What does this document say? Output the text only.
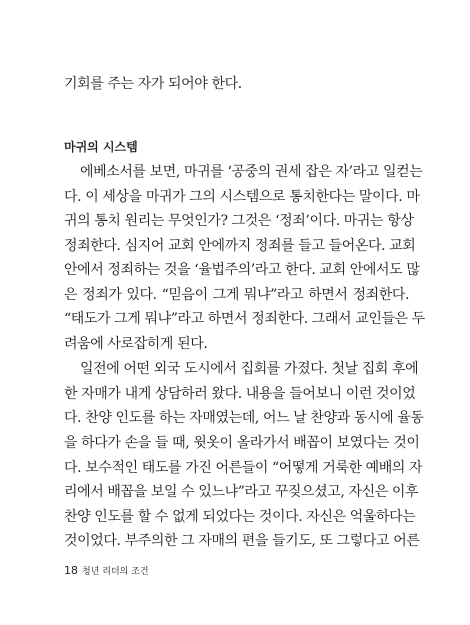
기회를 주는 자가 되어야 한다.
마귀의 시스템
에베소서를 보면, 마귀를 ‘공중의 권세 잡은 자’라고 일컫는
다. 이 세상을 마귀가 그의 시스템으로 통치한다는 말이다. 마
귀의 통치 원리는 무엇인가? 그것은 ‘정죄’이다. 마귀는 항상
정죄한다. 심지어 교회 안에까지 정죄를 들고 들어온다. 교회
안에서 정죄하는 것을 ‘율법주의’라고 한다. 교회 안에서도 많
은 정죄가 있다. “믿음이 그게 뭐냐”라고 하면서 정죄한다.
“태도가 그게 뭐냐”라고 하면서 정죄한다. 그래서 교인들은 두
려움에 사로잡히게 된다.
일전에 어떤 외국 도시에서 집회를 가졌다. 첫날 집회 후에
한 자매가 내게 상담하러 왔다. 내용을 들어보니 이런 것이었
다. 찬양 인도를 하는 자매였는데, 어느 날 찬양과 동시에 율동
을 하다가 손을 들 때, 윗옷이 올라가서 배꼽이 보였다는 것이
다. 보수적인 태도를 가진 어른들이 “어떻게 거룩한 예배의 자
리에서 배꼽을 보일 수 있느냐”라고 꾸짖으셨고, 자신은 이후
찬양 인도를 할 수 없게 되었다는 것이다. 자신은 억울하다는
것이었다. 부주의한 그 자매의 편을 들기도, 또 그렇다고 어른
18 청년 리더의 조건
